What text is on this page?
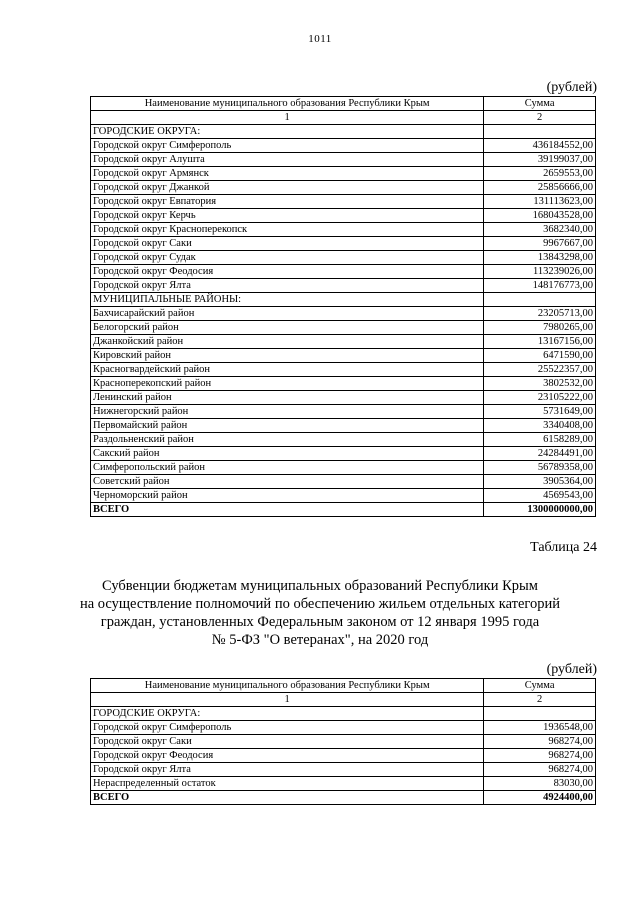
1011
(рублей)
Наименование муниципального образования Республики Крым	Сумма
1	2
ГОРОДСКИЕ ОКРУГА:	
Городской округ Симферополь	436184552,00
Городской округ Алушта	39199037,00
Городской округ Армянск	2659553,00
Городской округ Джанкой	25856666,00
Городской округ Евпатория	131113623,00
Городской округ Керчь	168043528,00
Городской округ Красноперекопск	3682340,00
Городской округ Саки	9967667,00
Городской округ Судак	13843298,00
Городской округ Феодосия	113239026,00
Городской округ Ялта	148176773,00
МУНИЦИПАЛЬНЫЕ РАЙОНЫ:	
Бахчисарайский район	23205713,00
Белогорский район	7980265,00
Джанкойский район	13167156,00
Кировский район	6471590,00
Красногвардейский район	25522357,00
Красноперекопский район	3802532,00
Ленинский район	23105222,00
Нижнегорский район	5731649,00
Первомайский район	3340408,00
Раздольненский район	6158289,00
Сакский район	24284491,00
Симферопольский район	56789358,00
Советский район	3905364,00
Черноморский район	4569543,00
ВСЕГО	1300000000,00
Таблица 24
Субвенции бюджетам муниципальных образований Республики Крым
на осуществление полномочий по обеспечению жильем отдельных категорий
граждан, установленных Федеральным законом от 12 января 1995 года
№ 5-ФЗ "О ветеранах", на 2020 год
(рублей)
Наименование муниципального образования Республики Крым	Сумма
1	2
ГОРОДСКИЕ ОКРУГА:	
Городской округ Симферополь	1936548,00
Городской округ Саки	968274,00
Городской округ Феодосия	968274,00
Городской округ Ялта	968274,00
Нераспределенный остаток	83030,00
ВСЕГО	4924400,00
